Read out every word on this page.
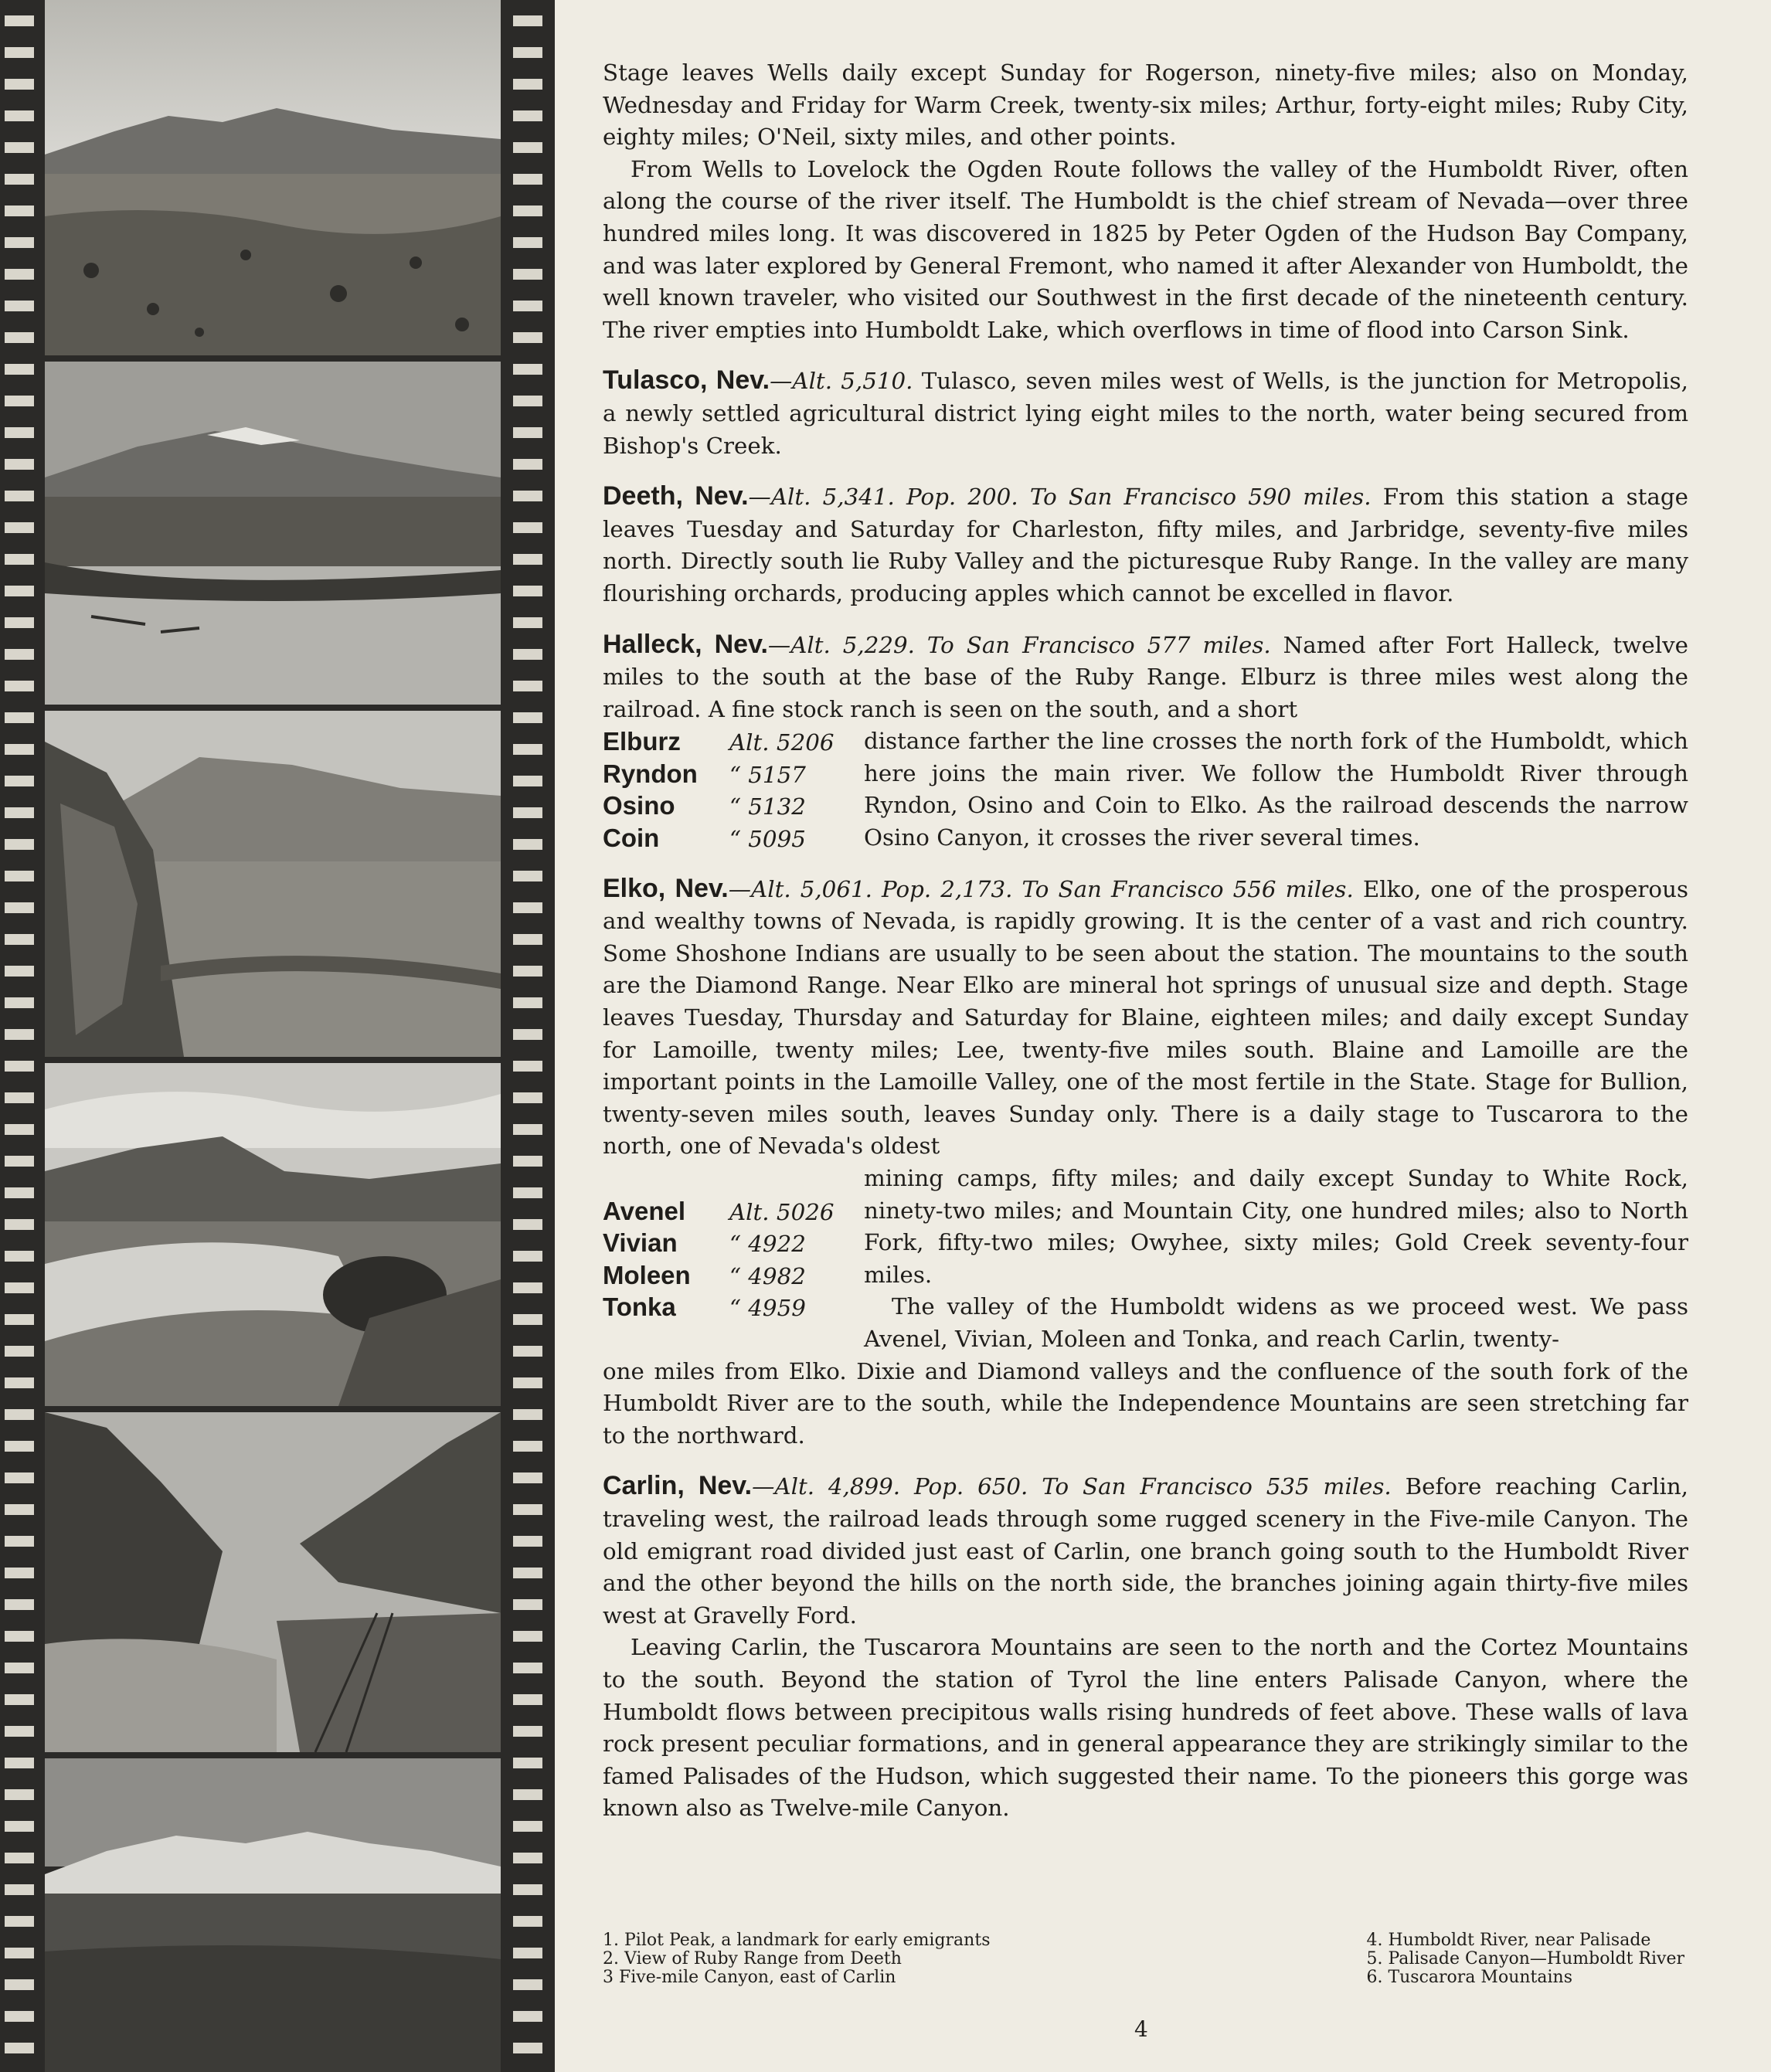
Stage leaves Wells daily except Sunday for Rogerson, ninety-five miles; also on Monday, Wednesday and Friday for Warm Creek, twenty-six miles; Arthur, forty-eight miles; Ruby City, eighty miles; O'Neil, sixty miles, and other points.

From Wells to Lovelock the Ogden Route follows the valley of the Humboldt River, often along the course of the river itself. The Humboldt is the chief stream of Nevada—over three hundred miles long. It was discovered in 1825 by Peter Ogden of the Hudson Bay Company, and was later explored by General Fremont, who named it after Alexander von Humboldt, the well known traveler, who visited our Southwest in the first decade of the nineteenth century. The river empties into Humboldt Lake, which overflows in time of flood into Carson Sink.

Tulasco, Nev.—Alt. 5,510. Tulasco, seven miles west of Wells, is the junction for Metropolis, a newly settled agricultural district lying eight miles to the north, water being secured from Bishop's Creek.

Deeth, Nev.—Alt. 5,341. Pop. 200. To San Francisco 590 miles. From this station a stage leaves Tuesday and Saturday for Charleston, fifty miles, and Jarbridge, seventy-five miles north. Directly south lie Ruby Valley and the picturesque Ruby Range. In the valley are many flourishing orchards, producing apples which cannot be excelled in flavor.

Halleck, Nev.—Alt. 5,229. To San Francisco 577 miles. Named after Fort Halleck, twelve miles to the south at the base of the Ruby Range. Elburz is three miles west along the railroad. A fine stock ranch is seen on the south, and a short

Elburz Alt. 5206
Ryndon “ 5157
Osino “ 5132
Coin	“ 5095
distance farther the line crosses the north fork of the Humboldt, which here joins the main river. We follow the Humboldt River through Ryndon, Osino and Coin to Elko. As the railroad descends the narrow Osino Canyon, it crosses the river several times.

Elko, Nev.—Alt. 5,061. Pop. 2,173. To San Francisco 556 miles. Elko, one of the prosperous and wealthy towns of Nevada, is rapidly growing. It is the center of a vast and rich country. Some Shoshone Indians are usually to be seen about the station. The mountains to the south are the Diamond Range. Near Elko are mineral hot springs of unusual size and depth. Stage leaves Tuesday, Thursday and Saturday for Blaine, eighteen miles; and daily except Sunday for Lamoille, twenty miles; Lee, twenty-five miles south. Blaine and Lamoille are the important points in the Lamoille Valley, one of the most fertile in the State. Stage for Bullion, twenty-seven miles south, leaves Sunday only. There is a daily stage to Tuscarora to the north, one of Nevada's oldest

Avenel Alt. 5026
Vivian “ 4922
Moleen “ 4982
Tonka “ 4959

mining camps, fifty miles; and daily except Sunday to White Rock, ninety-two miles; and Mountain City, one hundred miles; also to North Fork, fifty-two miles; Owyhee, sixty miles; Gold Creek seventy-four miles.

The valley of the Humboldt widens as we proceed west. We pass Avenel, Vivian, Moleen and Tonka, and reach Carlin, twenty-

one miles from Elko. Dixie and Diamond valleys and the confluence of the south fork of the Humboldt River are to the south, while the Independence Mountains are seen stretching far to the northward.

Carlin, Nev.—Alt. 4,899. Pop. 650. To San Francisco 535 miles. Before reaching Carlin, traveling west, the railroad leads through some rugged scenery in the Five-mile Canyon. The old emigrant road divided just east of Carlin, one branch going south to the Humboldt River and the other beyond the hills on the north side, the branches joining again thirty-five miles west at Gravelly Ford.

Leaving Carlin, the Tuscarora Mountains are seen to the north and the Cortez Mountains to the south. Beyond the station of Tyrol the line enters Palisade Canyon, where the Humboldt flows between precipitous walls rising hundreds of feet above. These walls of lava rock present peculiar formations, and in general appearance they are strikingly similar to the famed Palisades of the Hudson, which suggested their name. To the pioneers this gorge was known also as Twelve-mile Canyon.

1. Pilot Peak, a landmark for early emigrants
2. View of Ruby Range from Deeth
3 Five-mile Canyon, east of Carlin
4. Humboldt River, near Palisade
5. Palisade Canyon—Humboldt River
6. Tuscarora Mountains
4
